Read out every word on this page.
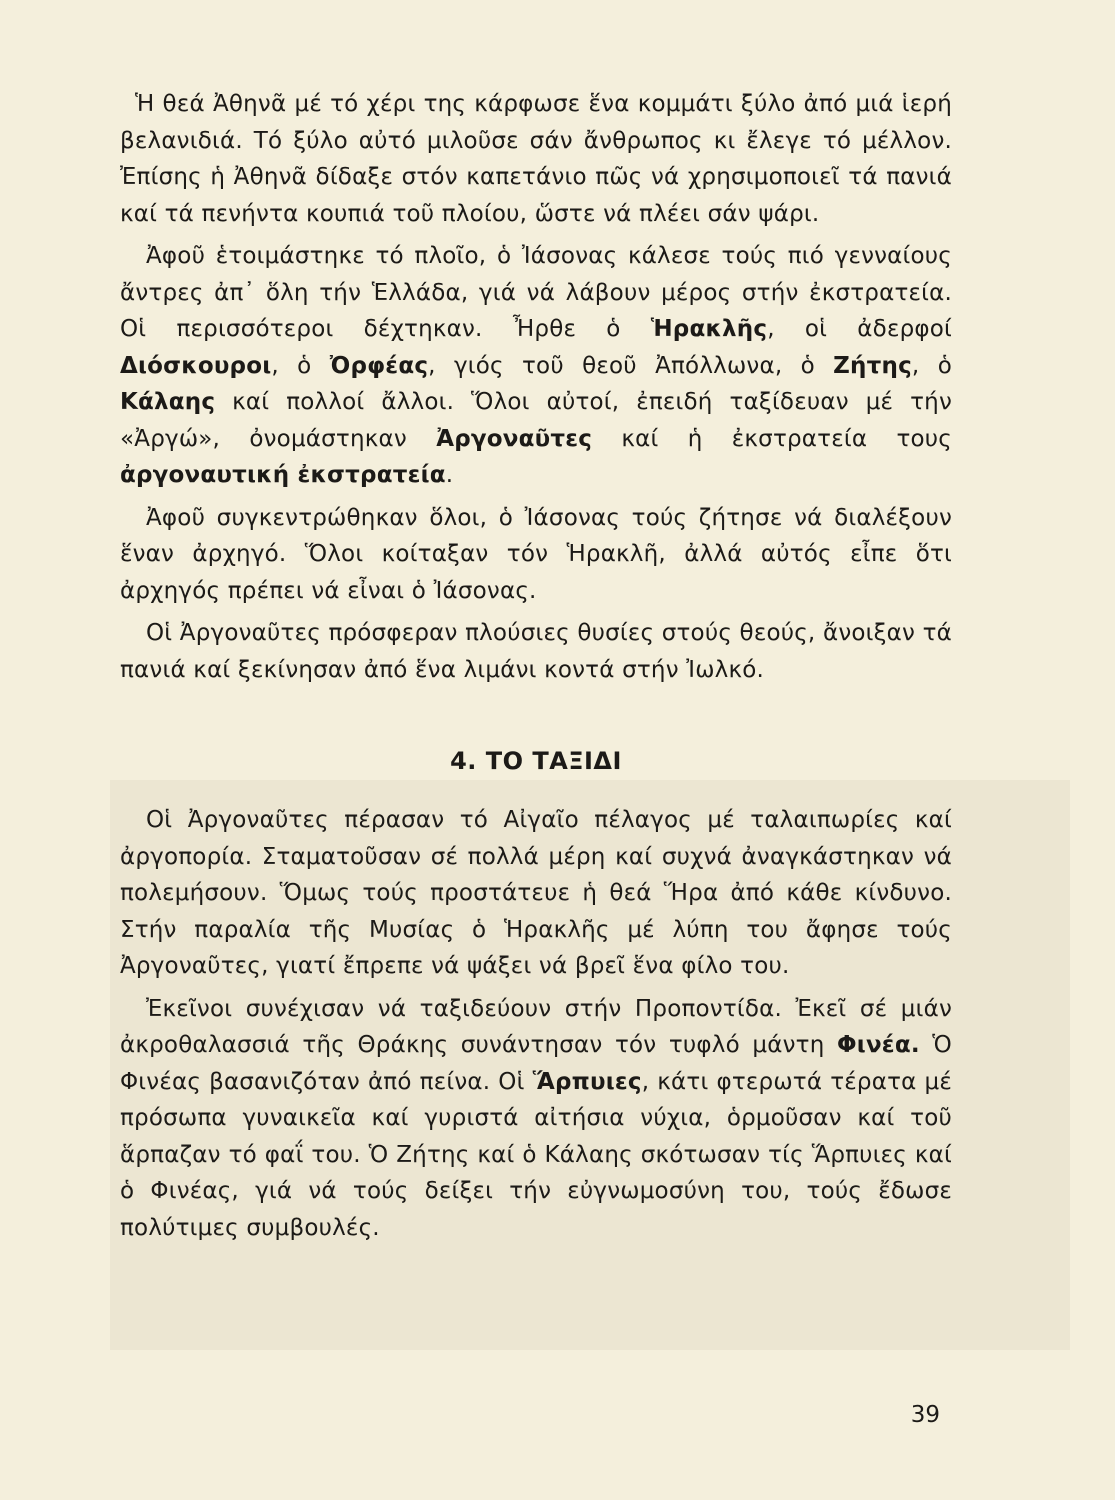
Ἡ θεά Ἀθηνᾶ μέ τό χέρι της κάρφωσε ἕνα κομμάτι ξύλο ἀπό μιά ἱερή βελανιδιά. Τό ξύλο αὐτό μιλοῦσε σάν ἄνθρωπος κι ἔλεγε τό μέλλον. Ἐπίσης ἡ Ἀθηνᾶ δίδαξε στόν καπετάνιο πῶς νά χρησιμοποιεῖ τά πανιά καί τά πενήντα κουπιά τοῦ πλοίου, ὥστε νά πλέει σάν ψάρι.

Ἀφοῦ ἑτοιμάστηκε τό πλοῖο, ὁ Ἰάσονας κάλεσε τούς πιό γενναίους ἄντρες ἀπ᾽ ὅλη τήν Ἑλλάδα, γιά νά λάβουν μέρος στήν ἐκστρατεία. Οἱ περισσότεροι δέχτηκαν. Ἦρθε ὁ Ἡρακλῆς, οἱ ἀδερφοί Διόσκουροι, ὁ Ὀρφέας, γιός τοῦ θεοῦ Ἀπόλλωνα, ὁ Ζήτης, ὁ Κάλαης καί πολλοί ἄλλοι. Ὅλοι αὐτοί, ἐπειδή ταξίδευαν μέ τήν «Ἀργώ», ὀνομάστηκαν Ἀργοναῦτες καί ἡ ἐκστρατεία τους ἀργοναυτική ἐκστρατεία.

Ἀφοῦ συγκεντρώθηκαν ὅλοι, ὁ Ἰάσονας τούς ζήτησε νά διαλέξουν ἕναν ἀρχηγό. Ὅλοι κοίταξαν τόν Ἡρακλῆ, ἀλλά αὐτός εἶπε ὅτι ἀρχηγός πρέπει νά εἶναι ὁ Ἰάσονας.

Οἱ Ἀργοναῦτες πρόσφεραν πλούσιες θυσίες στούς θεούς, ἄνοιξαν τά πανιά καί ξεκίνησαν ἀπό ἕνα λιμάνι κοντά στήν Ἰωλκό.

4. ΤΟ ΤΑΞΙΔΙ

Οἱ Ἀργοναῦτες πέρασαν τό Αἰγαῖο πέλαγος μέ ταλαιπωρίες καί ἀργοπορία. Σταματοῦσαν σέ πολλά μέρη καί συχνά ἀναγκάστηκαν νά πολεμήσουν. Ὅμως τούς προστάτευε ἡ θεά Ἥρα ἀπό κάθε κίνδυνο. Στήν παραλία τῆς Μυσίας ὁ Ἡρακλῆς μέ λύπη του ἄφησε τούς Ἀργοναῦτες, γιατί ἔπρεπε νά ψάξει νά βρεῖ ἕνα φίλο του.

Ἐκεῖνοι συνέχισαν νά ταξιδεύουν στήν Προποντίδα. Ἐκεῖ σέ μιάν ἀκροθαλασσιά τῆς Θράκης συνάντησαν τόν τυφλό μάντη Φινέα. Ὁ Φινέας βασανιζόταν ἀπό πείνα. Οἱ Ἅρπυιες, κάτι φτερωτά τέρατα μέ πρόσωπα γυναικεῖα καί γυριστά αἰτήσια νύχια, ὁρμοῦσαν καί τοῦ ἅρπαζαν τό φαΐ του. Ὁ Ζήτης καί ὁ Κάλαης σκότωσαν τίς Ἅρπυιες καί ὁ Φινέας, γιά νά τούς δείξει τήν εὐγνωμοσύνη του, τούς ἔδωσε πολύτιμες συμβουλές.

39
